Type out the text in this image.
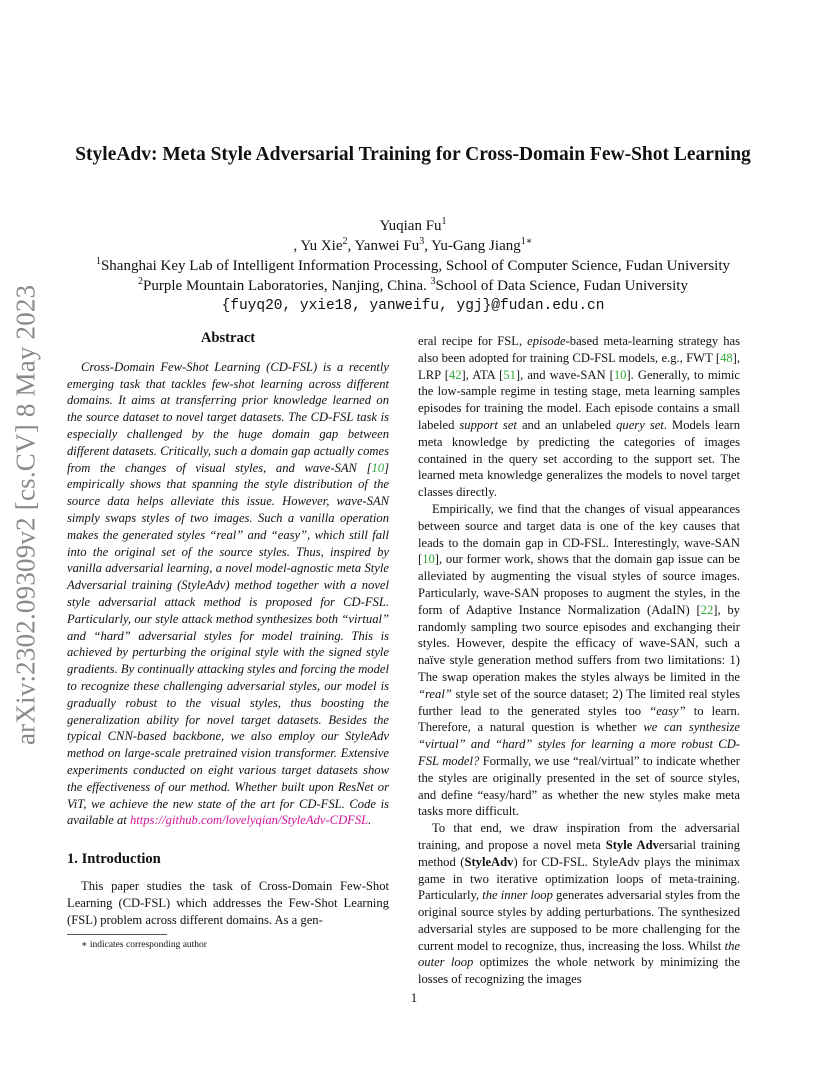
arXiv:2302.09309v2 [cs.CV] 8 May 2023
StyleAdv: Meta Style Adversarial Training for Cross-Domain Few-Shot Learning
Yuqian Fu$^1$
, Yu Xie$^2$, Yanwei Fu$^3$, Yu-Gang Jiang$^{1∗}$
$^1$Shanghai Key Lab of Intelligent Information Processing, School of Computer Science, Fudan University
$^2$Purple Mountain Laboratories, Nanjing, China. $^3$School of Data Science, Fudan University
{fuyq20, yxie18, yanweifu, ygj}@fudan.edu.cn
Abstract

Cross-Domain Few-Shot Learning (CD-FSL) is a recently emerging task that tackles few-shot learning across different domains. It aims at transferring prior knowledge learned on the source dataset to novel target datasets. The CD-FSL task is especially challenged by the huge domain gap between different datasets. Critically, such a domain gap actually comes from the changes of visual styles, and wave-SAN [10] empirically shows that spanning the style distribution of the source data helps alleviate this issue. However, wave-SAN simply swaps styles of two images. Such a vanilla operation makes the generated styles “real” and “easy”, which still fall into the original set of the source styles. Thus, inspired by vanilla adversarial learning, a novel model-agnostic meta Style Adversarial training (StyleAdv) method together with a novel style adversarial attack method is proposed for CD-FSL. Particularly, our style attack method synthesizes both “virtual” and “hard” adversarial styles for model training. This is achieved by perturbing the original style with the signed style gradients. By continually attacking styles and forcing the model to recognize these challenging adversarial styles, our model is gradually robust to the visual styles, thus boosting the generalization ability for novel target datasets. Besides the typical CNN-based backbone, we also employ our StyleAdv method on large-scale pretrained vision transformer. Extensive experiments conducted on eight various target datasets show the effectiveness of our method. Whether built upon ResNet or ViT, we achieve the new state of the art for CD-FSL. Code is available at https://github.com/lovelyqian/StyleAdv-CDFSL.

1. Introduction

This paper studies the task of Cross-Domain Few-Shot Learning (CD-FSL) which addresses the Few-Shot Learning (FSL) problem across different domains. As a gen-

∗ indicates corresponding author

eral recipe for FSL, episode-based meta-learning strategy has also been adopted for training CD-FSL models, e.g., FWT [48], LRP [42], ATA [51], and wave-SAN [10]. Generally, to mimic the low-sample regime in testing stage, meta learning samples episodes for training the model. Each episode contains a small labeled support set and an unlabeled query set. Models learn meta knowledge by predicting the categories of images contained in the query set according to the support set. The learned meta knowledge generalizes the models to novel target classes directly.

Empirically, we find that the changes of visual appearances between source and target data is one of the key causes that leads to the domain gap in CD-FSL. Interestingly, wave-SAN [10], our former work, shows that the domain gap issue can be alleviated by augmenting the visual styles of source images. Particularly, wave-SAN proposes to augment the styles, in the form of Adaptive Instance Normalization (AdaIN) [22], by randomly sampling two source episodes and exchanging their styles. However, despite the efficacy of wave-SAN, such a naïve style generation method suffers from two limitations: 1) The swap operation makes the styles always be limited in the “real” style set of the source dataset; 2) The limited real styles further lead to the generated styles too “easy” to learn. Therefore, a natural question is whether we can synthesize “virtual” and “hard” styles for learning a more robust CD-FSL model? Formally, we use “real/virtual” to indicate whether the styles are originally presented in the set of source styles, and define “easy/hard” as whether the new styles make meta tasks more difficult.

To that end, we draw inspiration from the adversarial training, and propose a novel meta Style Adversarial training method (StyleAdv) for CD-FSL. StyleAdv plays the minimax game in two iterative optimization loops of meta-training. Particularly, the inner loop generates adversarial styles from the original source styles by adding perturbations. The synthesized adversarial styles are supposed to be more challenging for the current model to recognize, thus, increasing the loss. Whilst the outer loop optimizes the whole network by minimizing the losses of recognizing the images

1
